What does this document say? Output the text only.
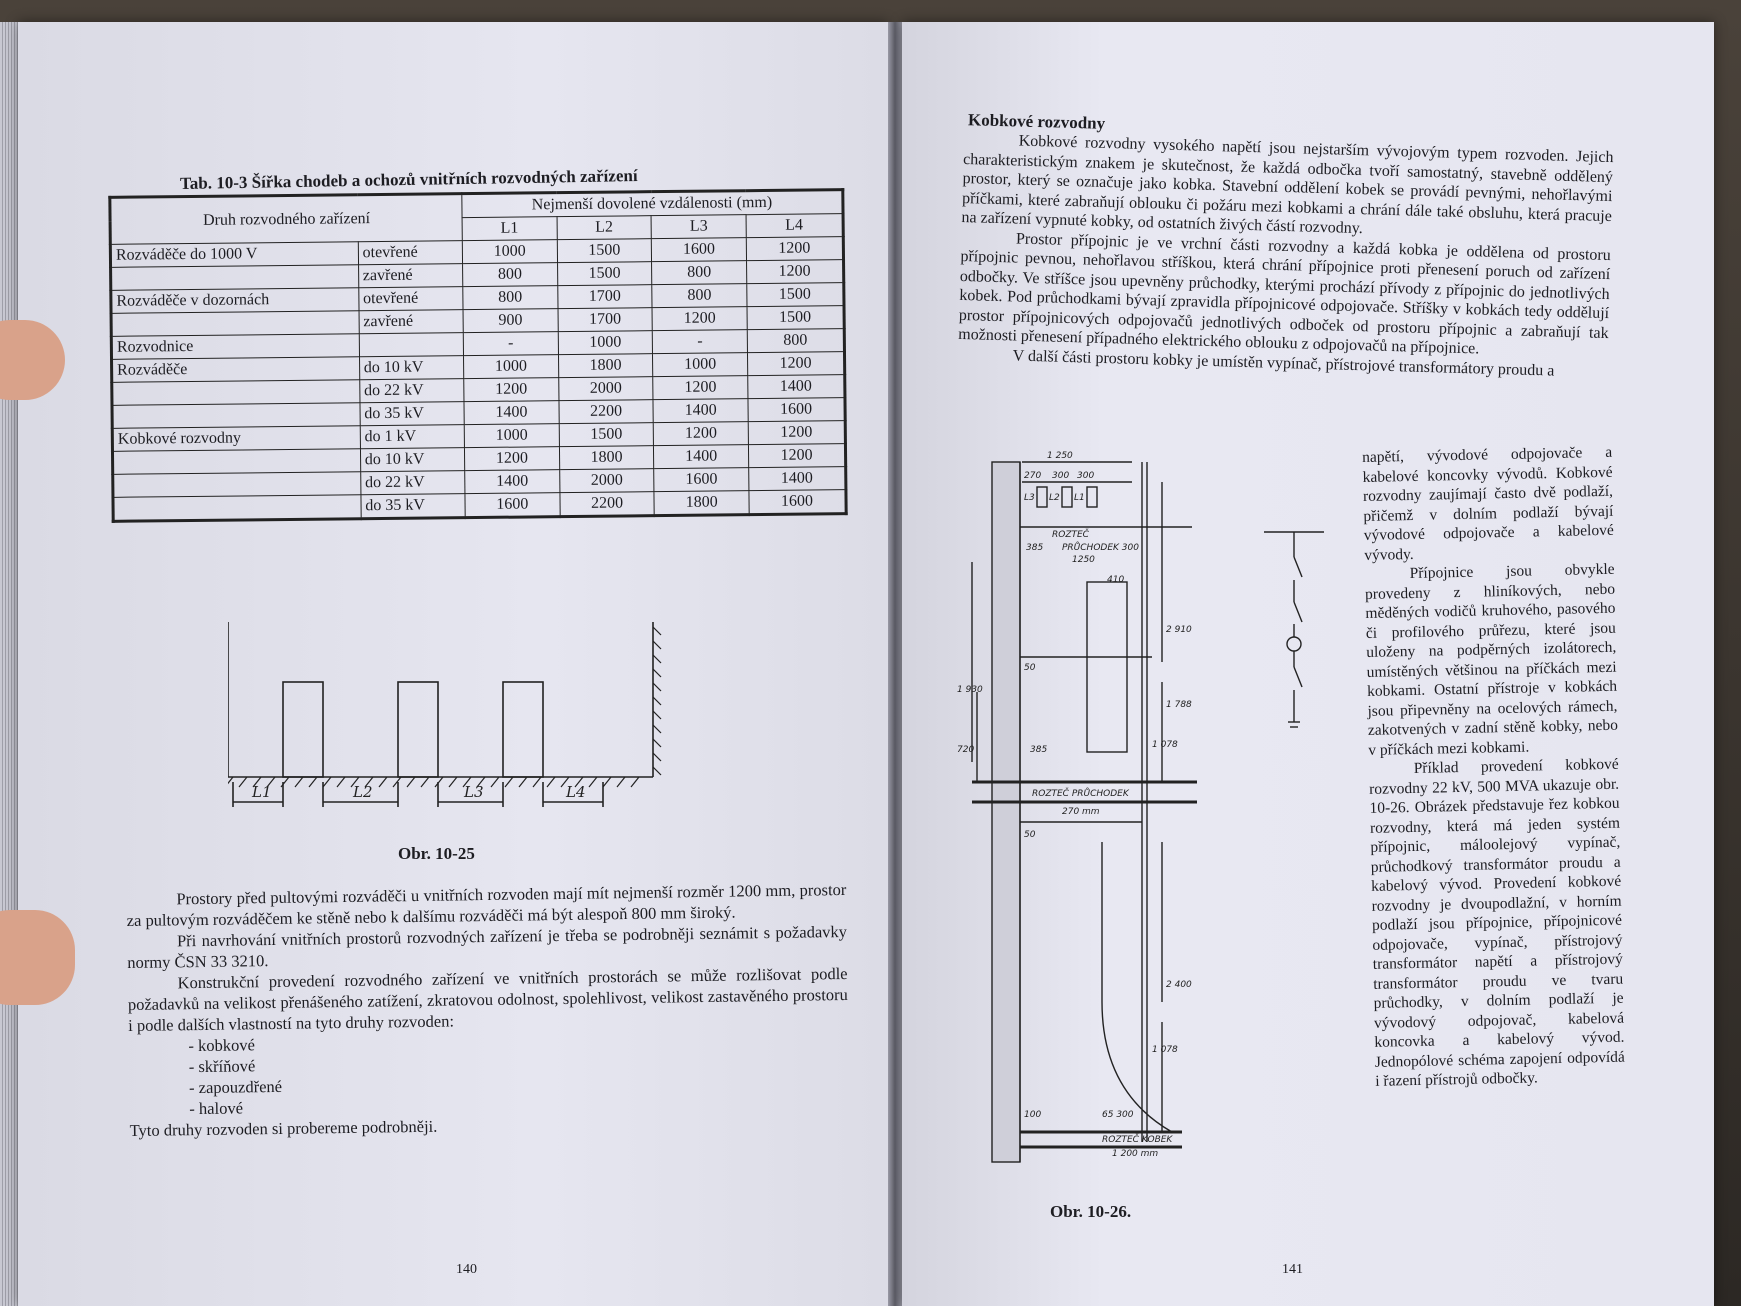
Tab. 10-3 Šířka chodeb a ochozů vnitřních rozvodných zařízení
Druh rozvodného zařízení		Nejmenší dovolené vzdálenosti (mm)			
		L1	L2	L3	L4
Rozváděče do 1000 V	otevřené	1000	1500	1600	1200
	zavřené	800	1500	800	1200
Rozváděče v dozornách	otevřené	800	1700	800	1500
	zavřené	900	1700	1200	1500
Rozvodnice		-	1000	-	800
Rozváděče	do 10 kV	1000	1800	1000	1200
	do 22 kV	1200	2000	1200	1400
	do 35 kV	1400	2200	1400	1600
Kobkové rozvodny	do 1 kV	1000	1500	1200	1200
	do 10 kV	1200	1800	1400	1200
	do 22 kV	1400	2000	1600	1400
	do 35 kV	1600	2200	1800	1600
L1	L2	L3	L4
Obr. 10-25

Prostory před pultovými rozváděči u vnitřních rozvoden mají mít nejmenší rozměr 1200 mm, prostor za pultovým rozváděčem ke stěně nebo k dalšímu rozváděči má být alespoň 800 mm široký.

Při navrhování vnitřních prostorů rozvodných zařízení je třeba se podrobněji seznámit s požadavky normy ČSN 33 3210.

Konstrukční provedení rozvodného zařízení ve vnitřních prostorách se může rozlišovat podle požadavků na velikost přenášeného zatížení, zkratovou odolnost, spolehlivost, velikost zastavěného prostoru i podle dalších vlastností na tyto druhy rozvoden:

- kobkové
- skříňové
- zapouzdřené
- halové
Tyto druhy rozvoden si probereme podrobněji.
140
Kobkové rozvodny

Kobkové rozvodny vysokého napětí jsou nejstarším vývojovým typem rozvoden. Jejich charakteristickým znakem je skutečnost, že každá odbočka tvoří samostatný, stavebně oddělený prostor, který se označuje jako kobka. Stavební oddělení kobek se provádí pevnými, nehořlavými příčkami, které zabraňují oblouku či požáru mezi kobkami a chrání dále také obsluhu, která pracuje na zařízení vypnuté kobky, od ostatních živých částí rozvodny.

Prostor přípojnic je ve vrchní části rozvodny a každá kobka je oddělena od prostoru přípojnic pevnou, nehořlavou stříškou, která chrání přípojnice proti přenesení poruch od zařízení odbočky. Ve stříšce jsou upevněny průchodky, kterými prochází přívody z přípojnic do jednotlivých kobek. Pod průchodkami bývají zpravidla přípojnicové odpojovače. Stříšky v kobkách tedy oddělují prostor přípojnicových odpojovačů jednotlivých odboček od prostoru přípojnic a zabraňují tak možnosti přenesení případného elektrického oblouku z odpojovačů na přípojnice.

V další části prostoru kobky je umístěn vypínač, přístrojové transformátory proudu a

1 250
270 300 300
L3 L2 L1
ROZTEČ
PRŮCHODEK 300
385
1250
410
2 910
1 930
50
1 788
1 078
720	385
ROZTEČ PRŮCHODEK
270 mm
50
2 400
1 078
100	65 300
ROZTEČ KOBEK
1 200 mm

napětí, vývodové odpojovače a kabelové koncovky vývodů. Kobkové rozvodny zaujímají často dvě podlaží, přičemž v dolním podlaží bývají vývodové odpojovače a kabelové vývody.

Přípojnice jsou obvykle provedeny z hliníkových, nebo měděných vodičů kruhového, pasového či profilového průřezu, které jsou uloženy na podpěrných izolátorech, umístěných většinou na příčkách mezi kobkami. Ostatní přístroje v kobkách jsou připevněny na ocelových rámech, zakotvených v zadní stěně kobky, nebo v příčkách mezi kobkami.

Příklad provedení kobkové rozvodny 22 kV, 500 MVA ukazuje obr. 10-26. Obrázek představuje řez kobkou rozvodny, která má jeden systém přípojnic, máloolejový vypínač, průchodkový transformátor proudu a kabelový vývod. Provedení kobkové rozvodny je dvoupodlažní, v horním podlaží jsou přípojnice, přípojnicové odpojovače, vypínač, přístrojový transformátor napětí a přístrojový transformátor proudu ve tvaru průchodky, v dolním podlaží je vývodový odpojovač, kabelová koncovka a kabelový vývod. Jednopólové schéma zapojení odpovídá i řazení přístrojů odbočky.

Obr. 10-26.
141
